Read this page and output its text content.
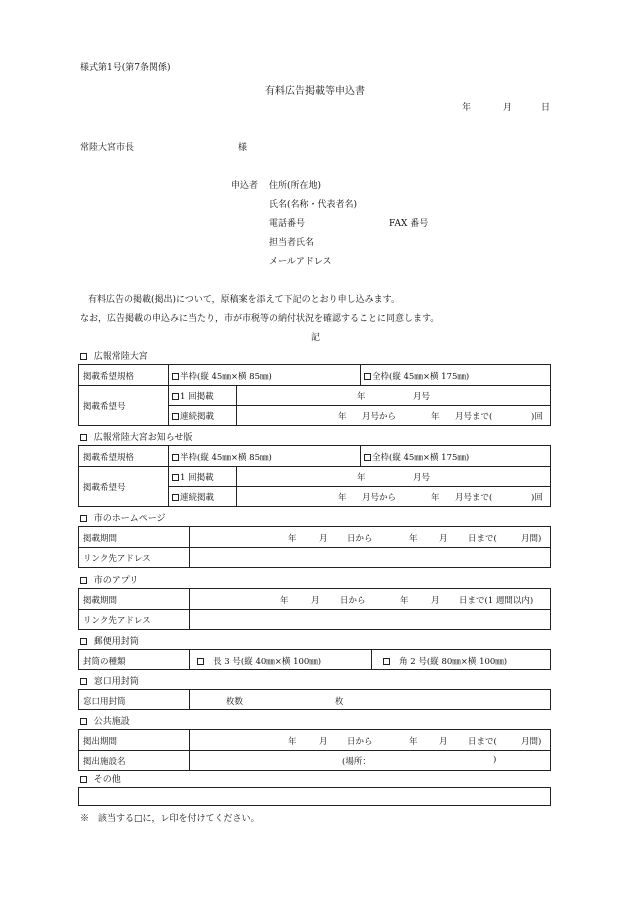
様式第1号(第7条関係)
有料広告掲載等申込書
年	月	日
常陸大宮市長	様
申込者 住所(所在地)
氏名(名称・代表者名)
電話番号	FAX 番号
担当者氏名
メールアドレス
有料広告の掲載(掲出)について，原稿案を添えて下記のとおり申し込みます。
なお，広告掲載の申込みに当たり，市が市税等の納付状況を確認することに同意します。
記
広報常陸大宮
掲載希望規格	半枠(縦 45㎜×横 85㎜)	全枠(縦 45㎜×横 175㎜)
掲載希望号
1 回掲載	年	月号
連続掲載	年 月号から	年 月号まで(	)回
広報常陸大宮お知らせ版
掲載希望規格	半枠(縦 45㎜×横 85㎜)	全枠(縦 45㎜×横 175㎜)
掲載希望号
1 回掲載	年	月号
連続掲載	年 月号から	年 月号まで(	)回
市のホームページ
掲載期間	年	月 日から	年	月 日まで(	月間)
リンク先アドレス
市のアプリ
掲載期間	年	月 日から	年	月 日まで(1 週間以内)
リンク先アドレス
郵便用封筒
封筒の種類	長 3 号(縦 40㎜×横 100㎜)	角 2 号(縦 80㎜×横 100㎜)
窓口用封筒
窓口用封筒	枚数	枚
公共施設
掲出期間	年	月 日から	年	月 日まで(	月間)
掲出施設名	(場所：	)
その他
※　該当する□に，レ印を付けてください。
